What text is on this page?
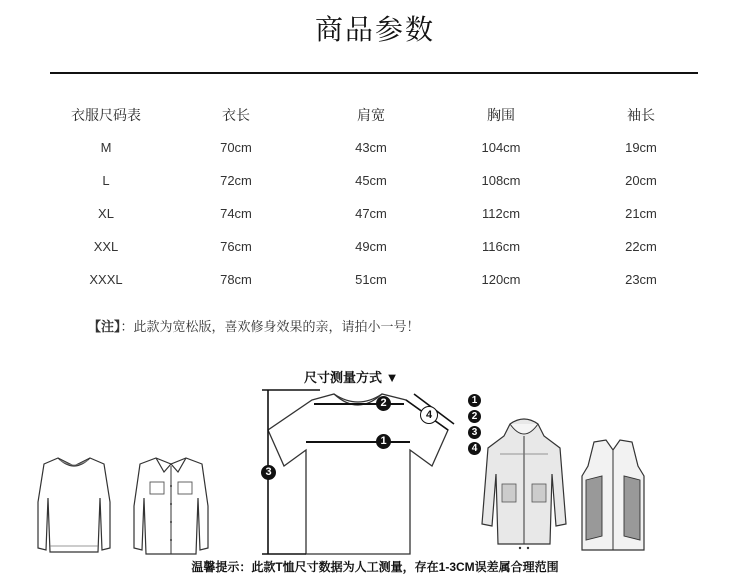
商品参数
衣服尺码表	衣长	肩宽	胸围	袖长
M	70cm	43cm	104cm	19cm
L	72cm	45cm	108cm	20cm
XL	74cm	47cm	112cm	21cm
XXL	76cm	49cm	116cm	22cm
XXXL	78cm	51cm	120cm	23cm
【注】：此款为宽松版，喜欢修身效果的亲，请拍小一号！
尺寸测量方式 ▼
3
2
1
4
1
2
3
4
温馨提示：此款T恤尺寸数据为人工测量，存在1-3CM误差属合理范围
